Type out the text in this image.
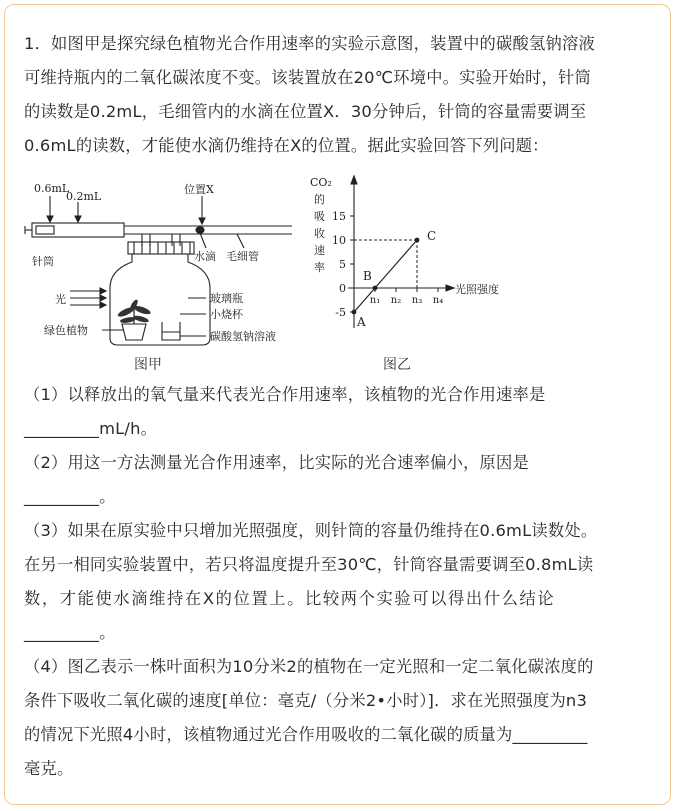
1．如图甲是探究绿色植物光合作用速率的实验示意图，装置中的碳酸氢钠溶液
可维持瓶内的二氧化碳浓度不变。该装置放在20℃环境中。实验开始时，针筒
的读数是0.2mL，毛细管内的水滴在位置X．30分钟后，针筒的容量需要调至
0.6mL的读数，才能使水滴仍维持在X的位置。据此实验回答下列问题：
0.6mL
0.2mL
位置X
针筒	水滴 毛细管
光	玻璃瓶
小烧杯
绿色植物	碳酸氢钠溶液
图甲
15
10
5
0
-5
n₁ n₂ n₃ n₄
A
B
C
CO₂
的
吸
收
速
率
光照强度
图乙
（1）以释放出的氧气量来代表光合作用速率，该植物的光合作用速率是
_________mL/h。
（2）用这一方法测量光合作用速率，比实际的光合速率偏小，原因是
_________。
（3）如果在原实验中只增加光照强度，则针筒的容量仍维持在0.6mL读数处。
在另一相同实验装置中，若只将温度提升至30℃，针筒容量需要调至0.8mL读
数，才能使水滴维持在X的位置上。比较两个实验可以得出什么结论
_________。
（4）图乙表示一株叶面积为10分米2的植物在一定光照和一定二氧化碳浓度的
条件下吸收二氧化碳的速度[单位：毫克/（分米2•小时）]．求在光照强度为n3
的情况下光照4小时，该植物通过光合作用吸收的二氧化碳的质量为_________
毫克。
